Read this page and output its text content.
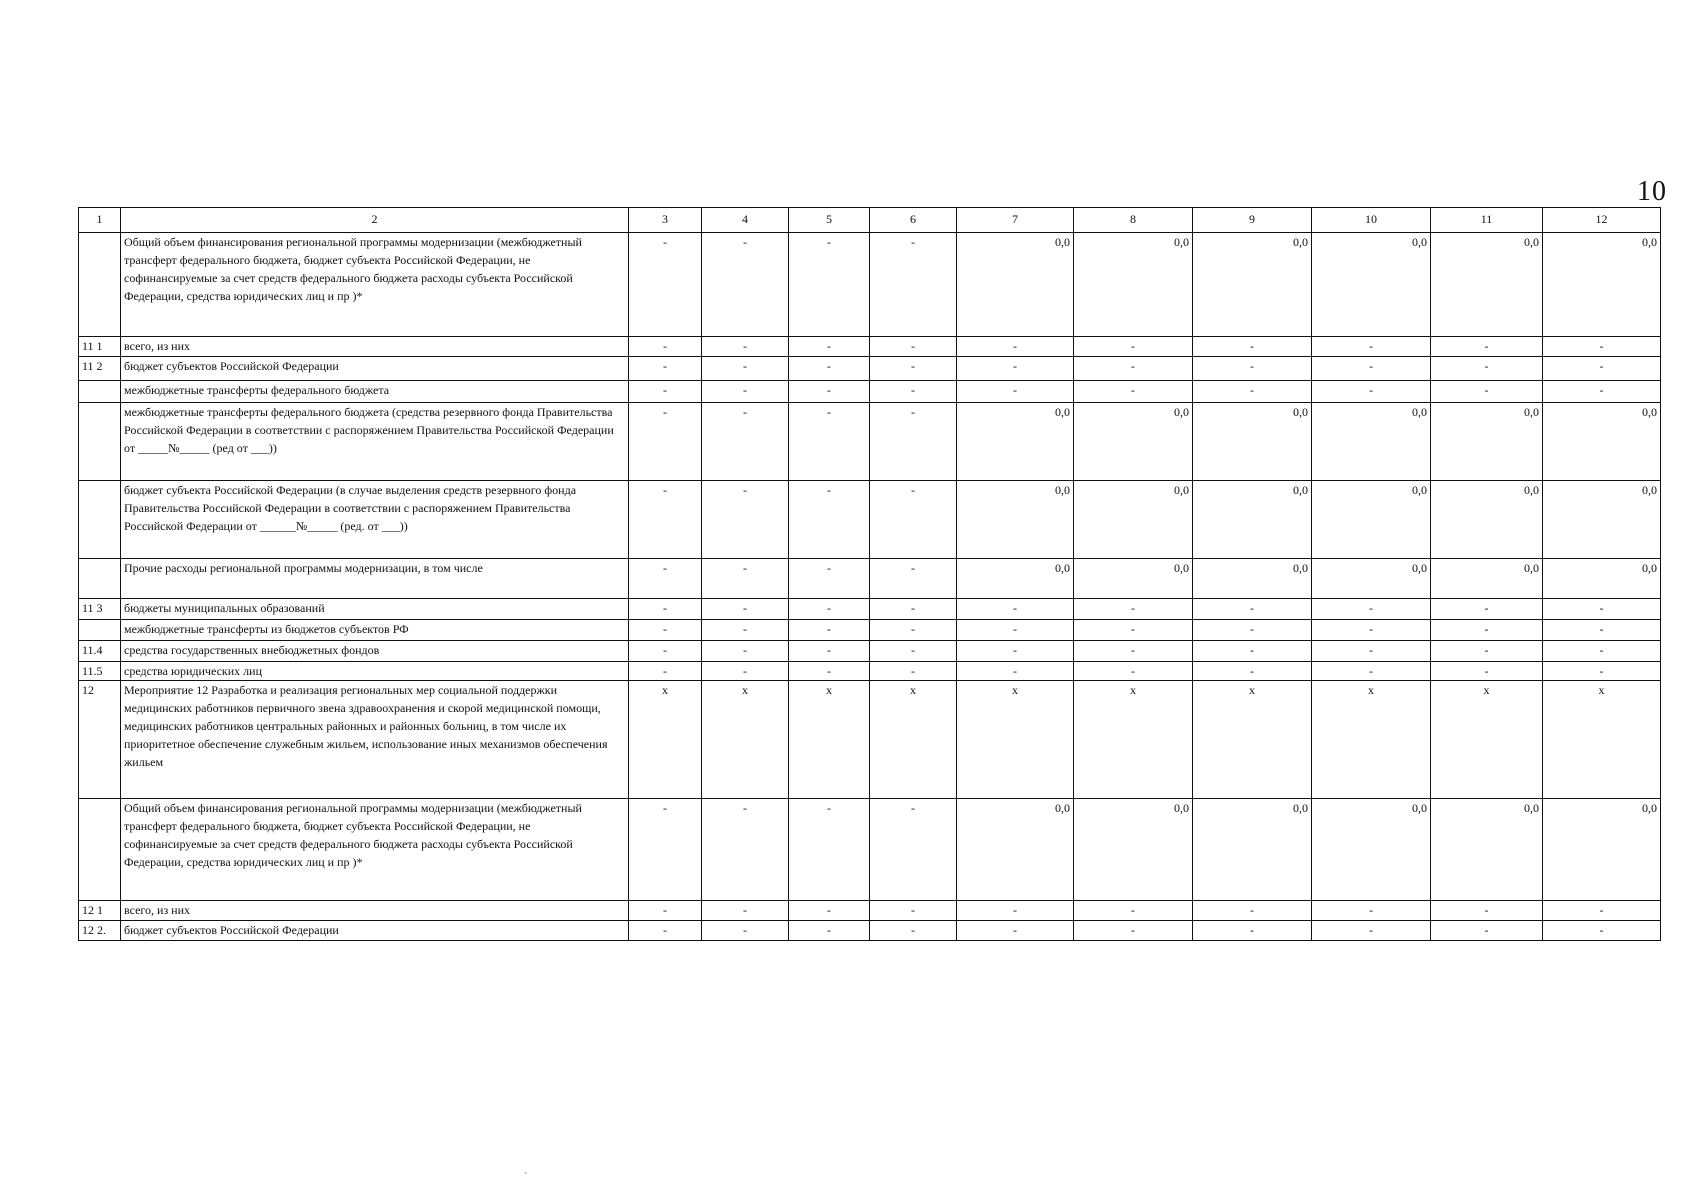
10
1	2	3	4	5	6	7	8	9	10	11	12
	Общий объем финансирования региональной программы модернизации (межбюджетный трансферт федерального бюджета, бюджет субъекта Российской Федерации, не софинансируемые за счет средств федерального бюджета расходы субъекта Российской Федерации, средства юридических лиц и пр )*	-	-	-	-	0,0	0,0	0,0	0,0	0,0	0,0
11 1	всего, из них	-	-	-	-	-	-	-	-	-	-
11 2	бюджет субъектов Российской Федерации	-	-	-	-	-	-	-	-	-	-
	межбюджетные трансферты федерального бюджета	-	-	-	-	-	-	-	-	-	-
	межбюджетные трансферты федерального бюджета (средства резервного фонда Правительства Российской Федерации в соответствии с распоряжением Правительства Российской Федерации от _____№_____ (ред от ___))	-	-	-	-	0,0	0,0	0,0	0,0	0,0	0,0
	бюджет субъекта Российской Федерации (в случае выделения средств резервного фонда Правительства Российской Федерации в соответствии с распоряжением Правительства Российской Федерации от ______№_____ (ред. от ___))	-	-	-	-	0,0	0,0	0,0	0,0	0,0	0,0
	Прочие расходы региональной программы модернизации, в том числе	-	-	-	-	0,0	0,0	0,0	0,0	0,0	0,0
11 3	бюджеты муниципальных образований	-	-	-	-	-	-	-	-	-	-
	межбюджетные трансферты из бюджетов субъектов РФ	-	-	-	-	-	-	-	-	-	-
11.4	средства государственных внебюджетных фондов	-	-	-	-	-	-	-	-	-	-
11.5	средства юридических лиц	-	-	-	-	-	-	-	-	-	-
12	Мероприятие 12 Разработка и реализация региональных мер социальной поддержки медицинских работников первичного звена здравоохранения и скорой медицинской помощи, медицинских работников центральных районных и районных больниц, в том числе их приоритетное обеспечение служебным жильем, использование иных механизмов обеспечения жильем	x	x	x	x	x	x	x	x	x	x
	Общий объем финансирования региональной программы модернизации (межбюджетный трансферт федерального бюджета, бюджет субъекта Российской Федерации, не софинансируемые за счет средств федерального бюджета расходы субъекта Российской Федерации, средства юридических лиц и пр )*	-	-	-	-	0,0	0,0	0,0	0,0	0,0	0,0
12 1	всего, из них	-	-	-	-	-	-	-	-	-	-
12 2.	бюджет субъектов Российской Федерации	-	-	-	-	-	-	-	-	-	-
`
